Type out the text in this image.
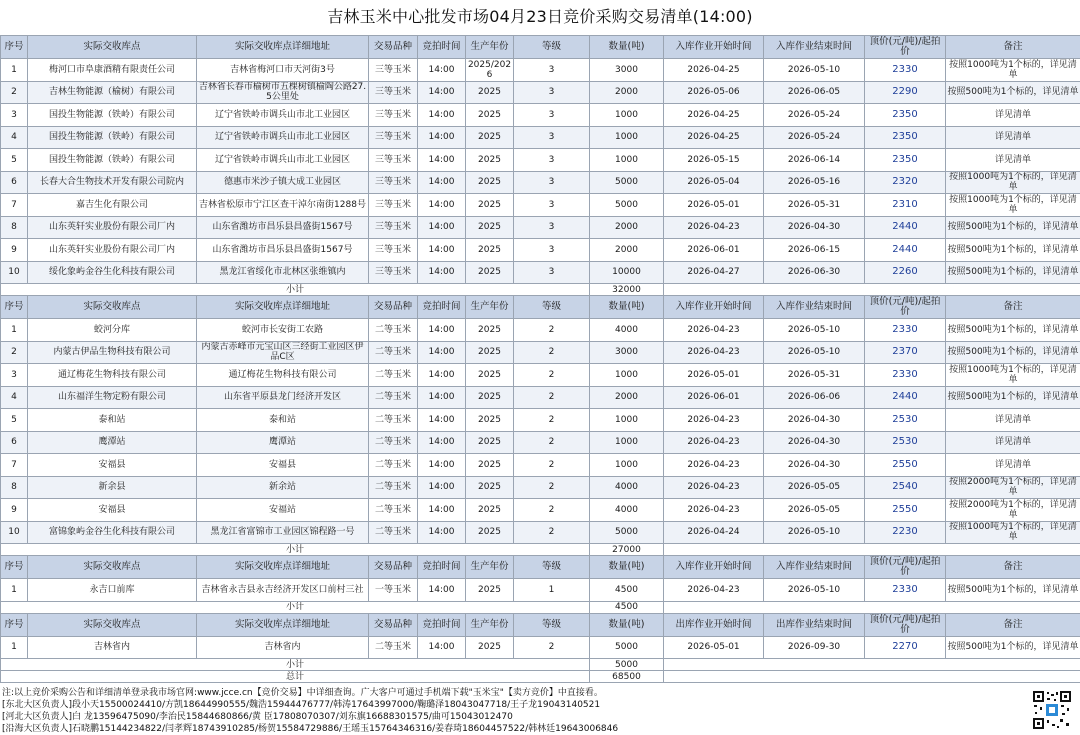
吉林玉米中心批发市场04月23日竞价采购交易清单(14:00)
序号	实际交收库点	实际交收库点详细地址	交易品种	竞拍时间	生产年份	等级	数量(吨)	入库作业开始时间	入库作业结束时间	顶价(元/吨)/起拍价	备注
1	梅河口市阜康酒精有限责任公司	吉林省梅河口市天河街3号	三等玉米	14:00	2025/2026	3	3000	2026-04-25	2026-05-10	2330	按照1000吨为1个标的，详见清单
2	吉林生物能源（榆树）有限公司	吉林省长春市榆树市五棵树镇榆陶公路27.5公里处	三等玉米	14:00	2025	3	2000	2026-05-06	2026-06-05	2290	按照500吨为1个标的，详见清单
3	国投生物能源（铁岭）有限公司	辽宁省铁岭市调兵山市北工业园区	三等玉米	14:00	2025	3	1000	2026-04-25	2026-05-24	2350	详见清单
4	国投生物能源（铁岭）有限公司	辽宁省铁岭市调兵山市北工业园区	三等玉米	14:00	2025	3	1000	2026-04-25	2026-05-24	2350	详见清单
5	国投生物能源（铁岭）有限公司	辽宁省铁岭市调兵山市北工业园区	三等玉米	14:00	2025	3	1000	2026-05-15	2026-06-14	2350	详见清单
6	长春大合生物技术开发有限公司院内	德惠市米沙子镇大成工业园区	三等玉米	14:00	2025	3	5000	2026-05-04	2026-05-16	2320	按照1000吨为1个标的，详见清单
7	嘉吉生化有限公司	吉林省松原市宁江区查干淖尔南街1288号	三等玉米	14:00	2025	3	5000	2026-05-01	2026-05-31	2310	按照1000吨为1个标的，详见清单
8	山东英轩实业股份有限公司厂内	山东省潍坊市昌乐县昌盛街1567号	三等玉米	14:00	2025	3	2000	2026-04-23	2026-04-30	2440	按照500吨为1个标的，详见清单
9	山东英轩实业股份有限公司厂内	山东省潍坊市昌乐县昌盛街1567号	三等玉米	14:00	2025	3	2000	2026-06-01	2026-06-15	2440	按照500吨为1个标的，详见清单
10	绥化象屿金谷生化科技有限公司	黑龙江省绥化市北林区张维镇内	三等玉米	14:00	2025	3	10000	2026-04-27	2026-06-30	2260	按照500吨为1个标的，详见清单
小计							32000				
序号	实际交收库点	实际交收库点详细地址	交易品种	竞拍时间	生产年份	等级	数量(吨)	入库作业开始时间	入库作业结束时间	顶价(元/吨)/起拍价	备注
1	蛟河分库	蛟河市长安街工农路	二等玉米	14:00	2025	2	4000	2026-04-23	2026-05-10	2330	按照500吨为1个标的，详见清单
2	内蒙古伊品生物科技有限公司	内蒙古赤峰市元宝山区三经街工业园区伊品C区	二等玉米	14:00	2025	2	3000	2026-04-23	2026-05-10	2370	按照500吨为1个标的，详见清单
3	通辽梅花生物科技有限公司	通辽梅花生物科技有限公司	二等玉米	14:00	2025	2	1000	2026-05-01	2026-05-31	2330	按照1000吨为1个标的，详见清单
4	山东福洋生物定粉有限公司	山东省平原县龙门经济开发区	二等玉米	14:00	2025	2	2000	2026-06-01	2026-06-06	2440	按照500吨为1个标的，详见清单
5	泰和站	泰和站	二等玉米	14:00	2025	2	1000	2026-04-23	2026-04-30	2530	详见清单
6	鹰潭站	鹰潭站	二等玉米	14:00	2025	2	1000	2026-04-23	2026-04-30	2530	详见清单
7	安福县	安福县	二等玉米	14:00	2025	2	1000	2026-04-23	2026-04-30	2550	详见清单
8	新余县	新余站	二等玉米	14:00	2025	2	4000	2026-04-23	2026-05-05	2540	按照2000吨为1个标的，详见清单
9	安福县	安福站	二等玉米	14:00	2025	2	4000	2026-04-23	2026-05-05	2550	按照2000吨为1个标的，详见清单
10	富锦象屿金谷生化科技有限公司	黑龙江省富锦市工业园区锦程路一号	二等玉米	14:00	2025	2	5000	2026-04-24	2026-05-10	2230	按照1000吨为1个标的，详见清单
小计							27000				
序号	实际交收库点	实际交收库点详细地址	交易品种	竞拍时间	生产年份	等级	数量(吨)	入库作业开始时间	入库作业结束时间	顶价(元/吨)/起拍价	备注
1	永吉口前库	吉林省永吉县永吉经济开发区口前村三社	一等玉米	14:00	2025	1	4500	2026-04-23	2026-05-10	2330	按照500吨为1个标的，详见清单
小计							4500				
序号	实际交收库点	实际交收库点详细地址	交易品种	竞拍时间	生产年份	等级	数量(吨)	出库作业开始时间	出库作业结束时间	顶价(元/吨)/起拍价	备注
1	吉林省内	吉林省内	二等玉米	14:00	2025	2	5000	2026-05-01	2026-09-30	2270	按照500吨为1个标的，详见清单
小计							5000				
总计							68500				
注:以上竞价采购公告和详细清单登录我市场官网:www.jcce.cn【竞价交易】中详细查询。广大客户可通过手机端下载"玉米宝"【卖方竞价】中直接看。
[东北大区负责人]段小天15500024410/方凯18644990555/魏浩15944476777/韩涛17643997000/鞠璐泽18043047718/王子龙19043140521
[河北大区负责人]白 龙13596475090/李治民15844680866/黄 臣17808070307/刘东旗16688301575/曲可15043012470
[沿海大区负责人]石晓鹏15144234822/闫孝辉18743910285/杨贺15584729886/王瑶玉15764346316/姜春琦18604457522/韩林廷19643006846
